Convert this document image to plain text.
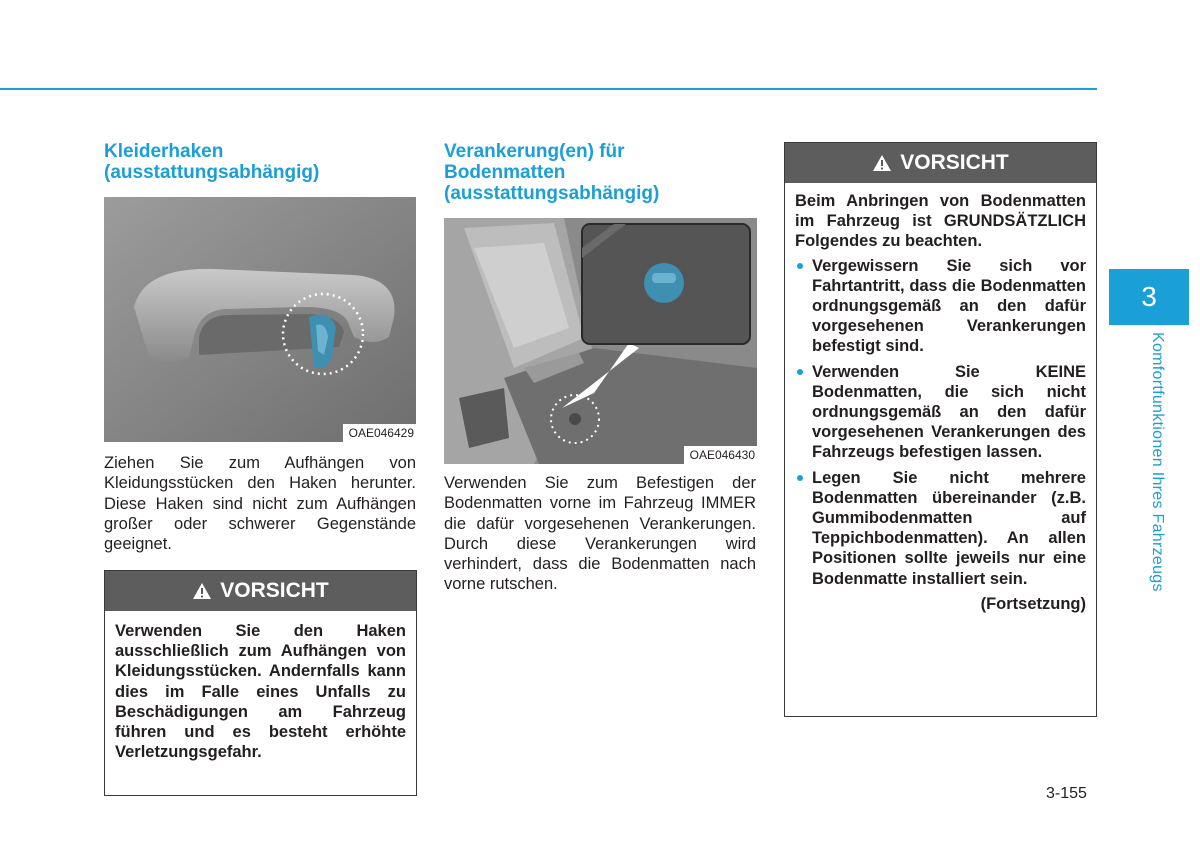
Kleiderhaken (ausstattungsabhängig)
OAE046429

Ziehen Sie zum Aufhängen von Kleidungsstücken den Haken herunter. Diese Haken sind nicht zum Aufhängen großer oder schwerer Gegenstände geeignet.

VORSICHT

Verwenden Sie den Haken ausschließlich zum Aufhängen von Kleidungsstücken. Andernfalls kann dies im Falle eines Unfalls zu Beschädigungen am Fahrzeug führen und es besteht erhöhte Verletzungsgefahr.

Verankerung(en) für Bodenmatten (ausstattungsabhängig)
OAE046430

Verwenden Sie zum Befestigen der Bodenmatten vorne im Fahrzeug IMMER die dafür vorgesehenen Verankerungen. Durch diese Verankerungen wird verhindert, dass die Bodenmatten nach vorne rutschen.

VORSICHT

Beim Anbringen von Bodenmatten im Fahrzeug ist GRUNDSÄTZLICH Folgendes zu beachten.

Vergewissern Sie sich vor Fahrtantritt, dass die Bodenmatten ordnungsgemäß an den dafür vorgesehenen Verankerungen befestigt sind.
Verwenden Sie KEINE Bodenmatten, die sich nicht ordnungsgemäß an den dafür vorgesehenen Verankerungen des Fahrzeugs befestigen lassen.
Legen Sie nicht mehrere Bodenmatten übereinander (z.B. Gummibodenmatten auf Teppichbodenmatten). An allen Positionen sollte jeweils nur eine Bodenmatte installiert sein.
(Fortsetzung)
3
Komfortfunktionen Ihres Fahrzeugs
3-155
